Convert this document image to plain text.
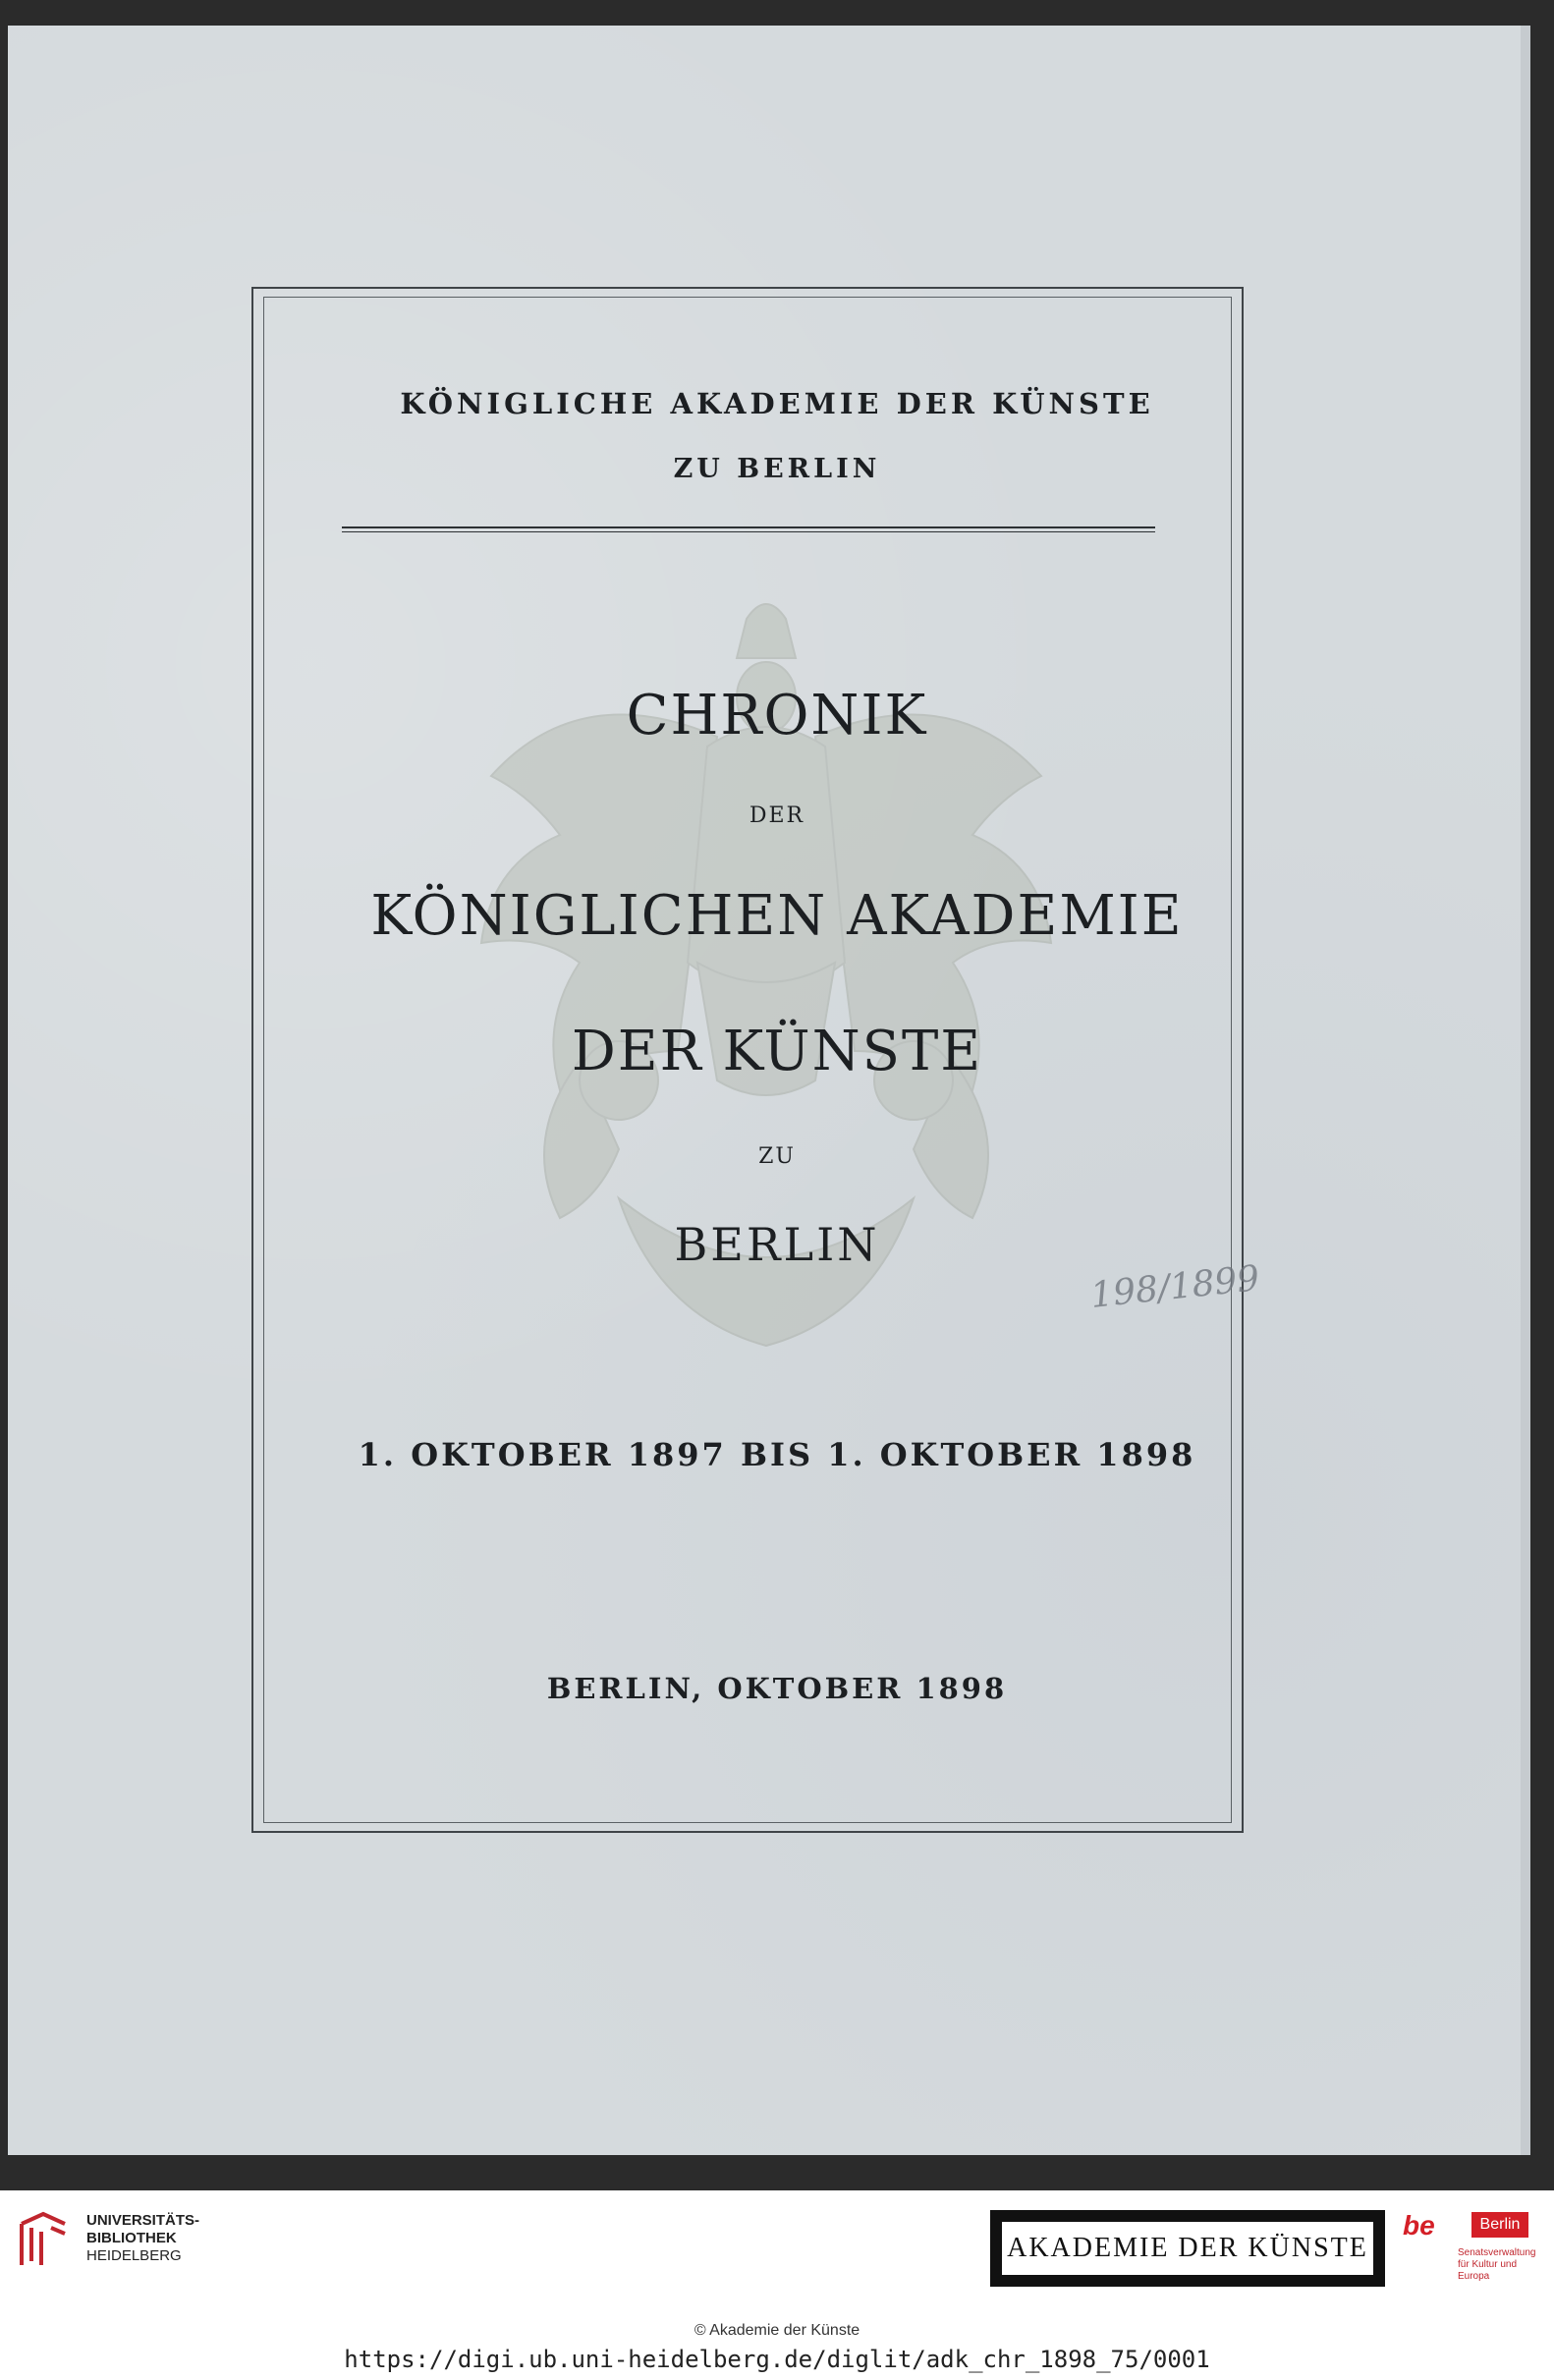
KÖNIGLICHE AKADEMIE DER KÜNSTE
ZU BERLIN
CHRONIK
DER
KÖNIGLICHEN AKADEMIE
DER KÜNSTE
ZU
BERLIN
1. OKTOBER 1897 BIS 1. OKTOBER 1898
BERLIN, OKTOBER 1898
198/1899
UNIVERSITÄTS-
BIBLIOTHEK
HEIDELBERG	AKADEMIE DER KÜNSTE
be	Berlin
Senatsverwaltung
für Kultur und Europa
© Akademie der Künste
https://digi.ub.uni-heidelberg.de/diglit/adk_chr_1898_75/0001
